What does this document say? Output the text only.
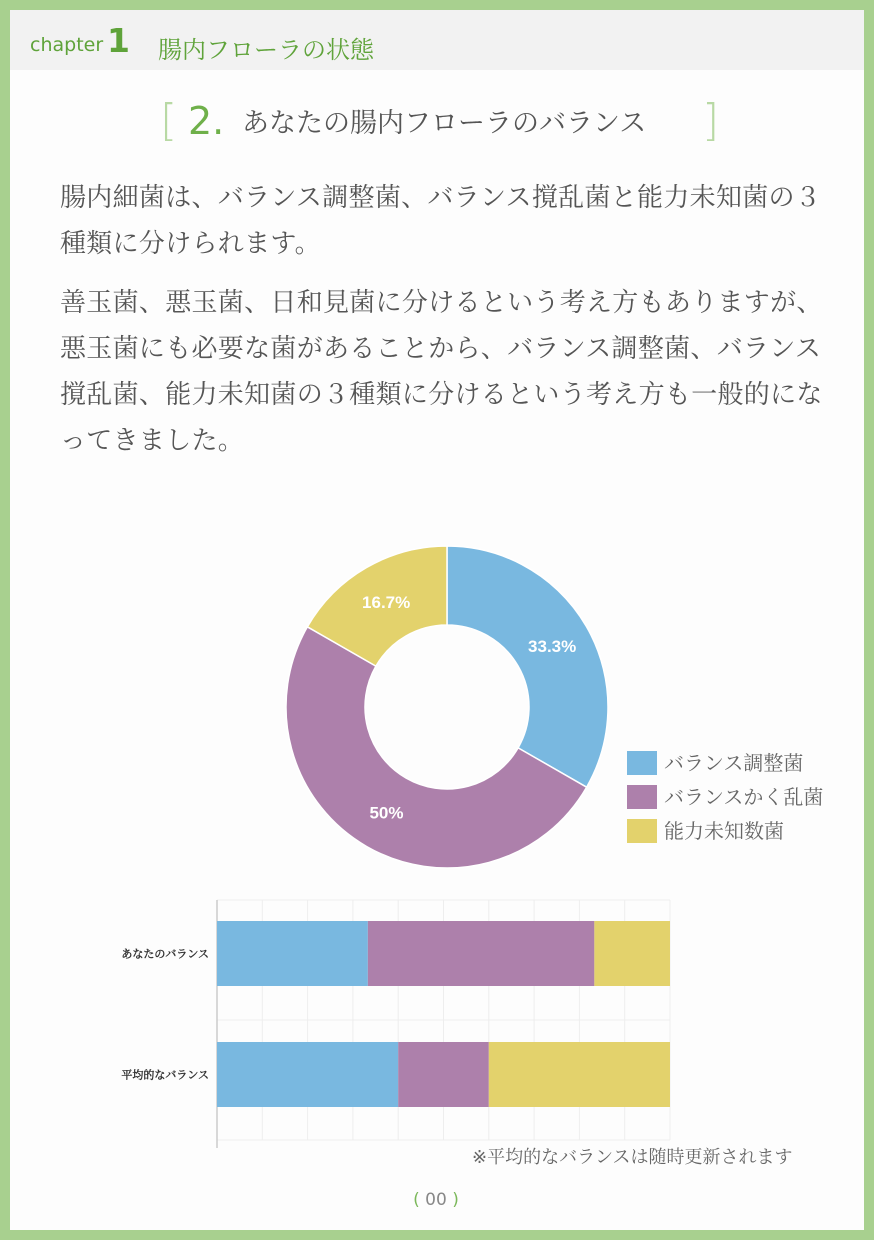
chapter 1 腸内フローラの状態
[ 2. あなたの腸内フローラのバランス ]

腸内細菌は、バランス調整菌、バランス撹乱菌と能力未知菌の３種類に分けられます。

善玉菌、悪玉菌、日和見菌に分けるという考え方もありますが、悪玉菌にも必要な菌があることから、バランス調整菌、バランス撹乱菌、能力未知菌の３種類に分けるという考え方も一般的になってきました。

33.3%
50%
16.7%
バランス調整菌
バランスかく乱菌
能力未知数菌
あなたのバランス
平均的なバランス
※平均的なバランスは随時更新されます
( 00 )
